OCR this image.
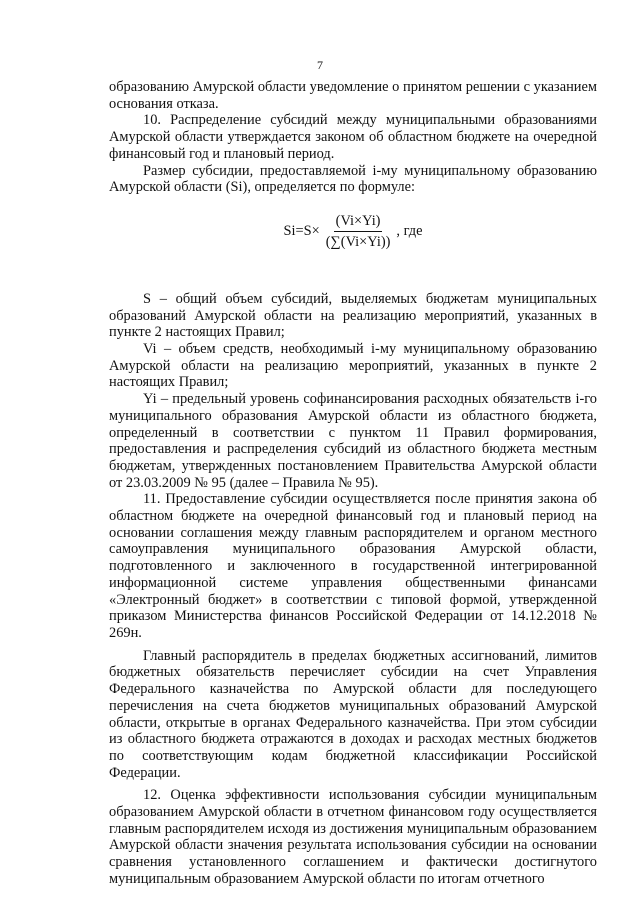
7

образованию Амурской области уведомление о принятом решении с указанием основания отказа.

10. Распределение субсидий между муниципальными образованиями Амурской области утверждается законом об областном бюджете на очередной финансовый год и плановый период.

Размер субсидии, предоставляемой i-му муниципальному образованию Амурской области (Si), определяется по формуле:

$Si=S\times \frac{(Vi\times Yi)}{(\sum(Vi\times Yi))}$ , где

S – общий объем субсидий, выделяемых бюджетам муниципальных образований Амурской области на реализацию мероприятий, указанных в пункте 2 настоящих Правил;

Vi – объем средств, необходимый i-му муниципальному образованию Амурской области на реализацию мероприятий, указанных в пункте 2 настоящих Правил;

Yi – предельный уровень софинансирования расходных обязательств i-го муниципального образования Амурской области из областного бюджета, определенный в соответствии с пунктом 11 Правил формирования, предоставления и распределения субсидий из областного бюджета местным бюджетам, утвержденных постановлением Правительства Амурской области от 23.03.2009 № 95 (далее – Правила № 95).

11. Предоставление субсидии осуществляется после принятия закона об областном бюджете на очередной финансовый год и плановый период на основании соглашения между главным распорядителем и органом местного самоуправления муниципального образования Амурской области, подготовленного и заключенного в государственной интегрированной информационной системе управления общественными финансами «Электронный бюджет» в соответствии с типовой формой, утвержденной приказом Министерства финансов Российской Федерации от 14.12.2018 № 269н.

Главный распорядитель в пределах бюджетных ассигнований, лимитов бюджетных обязательств перечисляет субсидии на счет Управления Федерального казначейства по Амурской области для последующего перечисления на счета бюджетов муниципальных образований Амурской области, открытые в органах Федерального казначейства. При этом субсидии из областного бюджета отражаются в доходах и расходах местных бюджетов по соответствующим кодам бюджетной классификации Российской Федерации.

12. Оценка эффективности использования субсидии муниципальным образованием Амурской области в отчетном финансовом году осуществляется главным распорядителем исходя из достижения муниципальным образованием Амурской области значения результата использования субсидии на основании сравнения установленного соглашением и фактически достигнутого муниципальным образованием Амурской области по итогам отчетного
